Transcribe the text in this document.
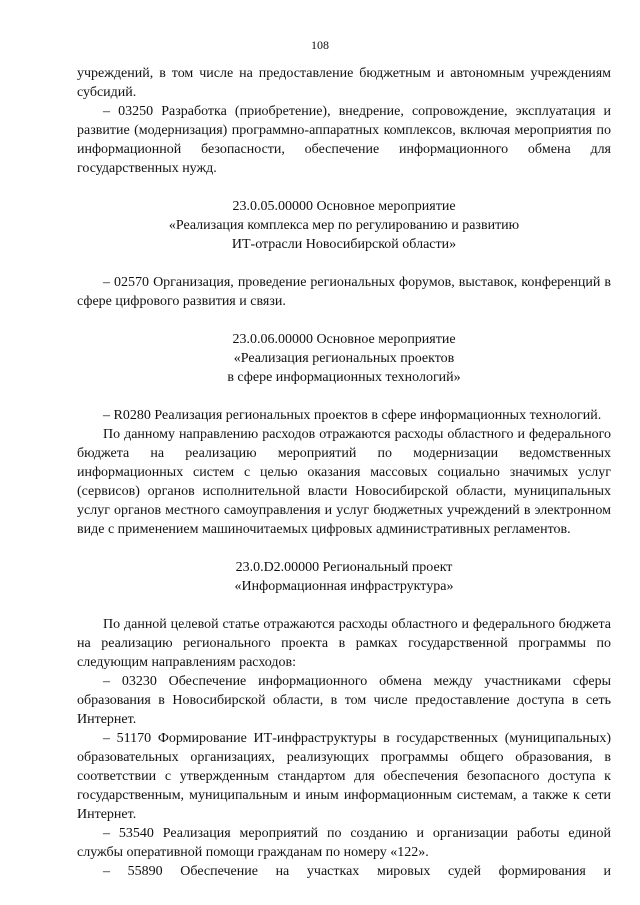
108

учреждений, в том числе на предоставление бюджетным и автономным учреждениям субсидий.

– 03250 Разработка (приобретение), внедрение, сопровождение, эксплуатация и развитие (модернизация) программно-аппаратных комплексов, включая мероприятия по информационной безопасности, обеспечение информационного обмена для государственных нужд.

23.0.05.00000 Основное мероприятие
«Реализация комплекса мер по регулированию и развитию
ИТ-отрасли Новосибирской области»

– 02570 Организация, проведение региональных форумов, выставок, конференций в сфере цифрового развития и связи.

23.0.06.00000 Основное мероприятие
«Реализация региональных проектов
в сфере информационных технологий»

– R0280 Реализация региональных проектов в сфере информационных технологий.

По данному направлению расходов отражаются расходы областного и федерального бюджета на реализацию мероприятий по модернизации ведомственных информационных систем с целью оказания массовых социально значимых услуг (сервисов) органов исполнительной власти Новосибирской области, муниципальных услуг органов местного самоуправления и услуг бюджетных учреждений в электронном виде с применением машиночитаемых цифровых административных регламентов.

23.0.D2.00000 Региональный проект
«Информационная инфраструктура»

По данной целевой статье отражаются расходы областного и федерального бюджета на реализацию регионального проекта в рамках государственной программы по следующим направлениям расходов:

– 03230 Обеспечение информационного обмена между участниками сферы образования в Новосибирской области, в том числе предоставление доступа в сеть Интернет.

– 51170 Формирование ИТ-инфраструктуры в государственных (муниципальных) образовательных организациях, реализующих программы общего образования, в соответствии с утвержденным стандартом для обеспечения безопасного доступа к государственным, муниципальным и иным информационным системам, а также к сети Интернет.

– 53540 Реализация мероприятий по созданию и организации работы единой службы оперативной помощи гражданам по номеру «122».

– 55890 Обеспечение на участках мировых судей формирования и
